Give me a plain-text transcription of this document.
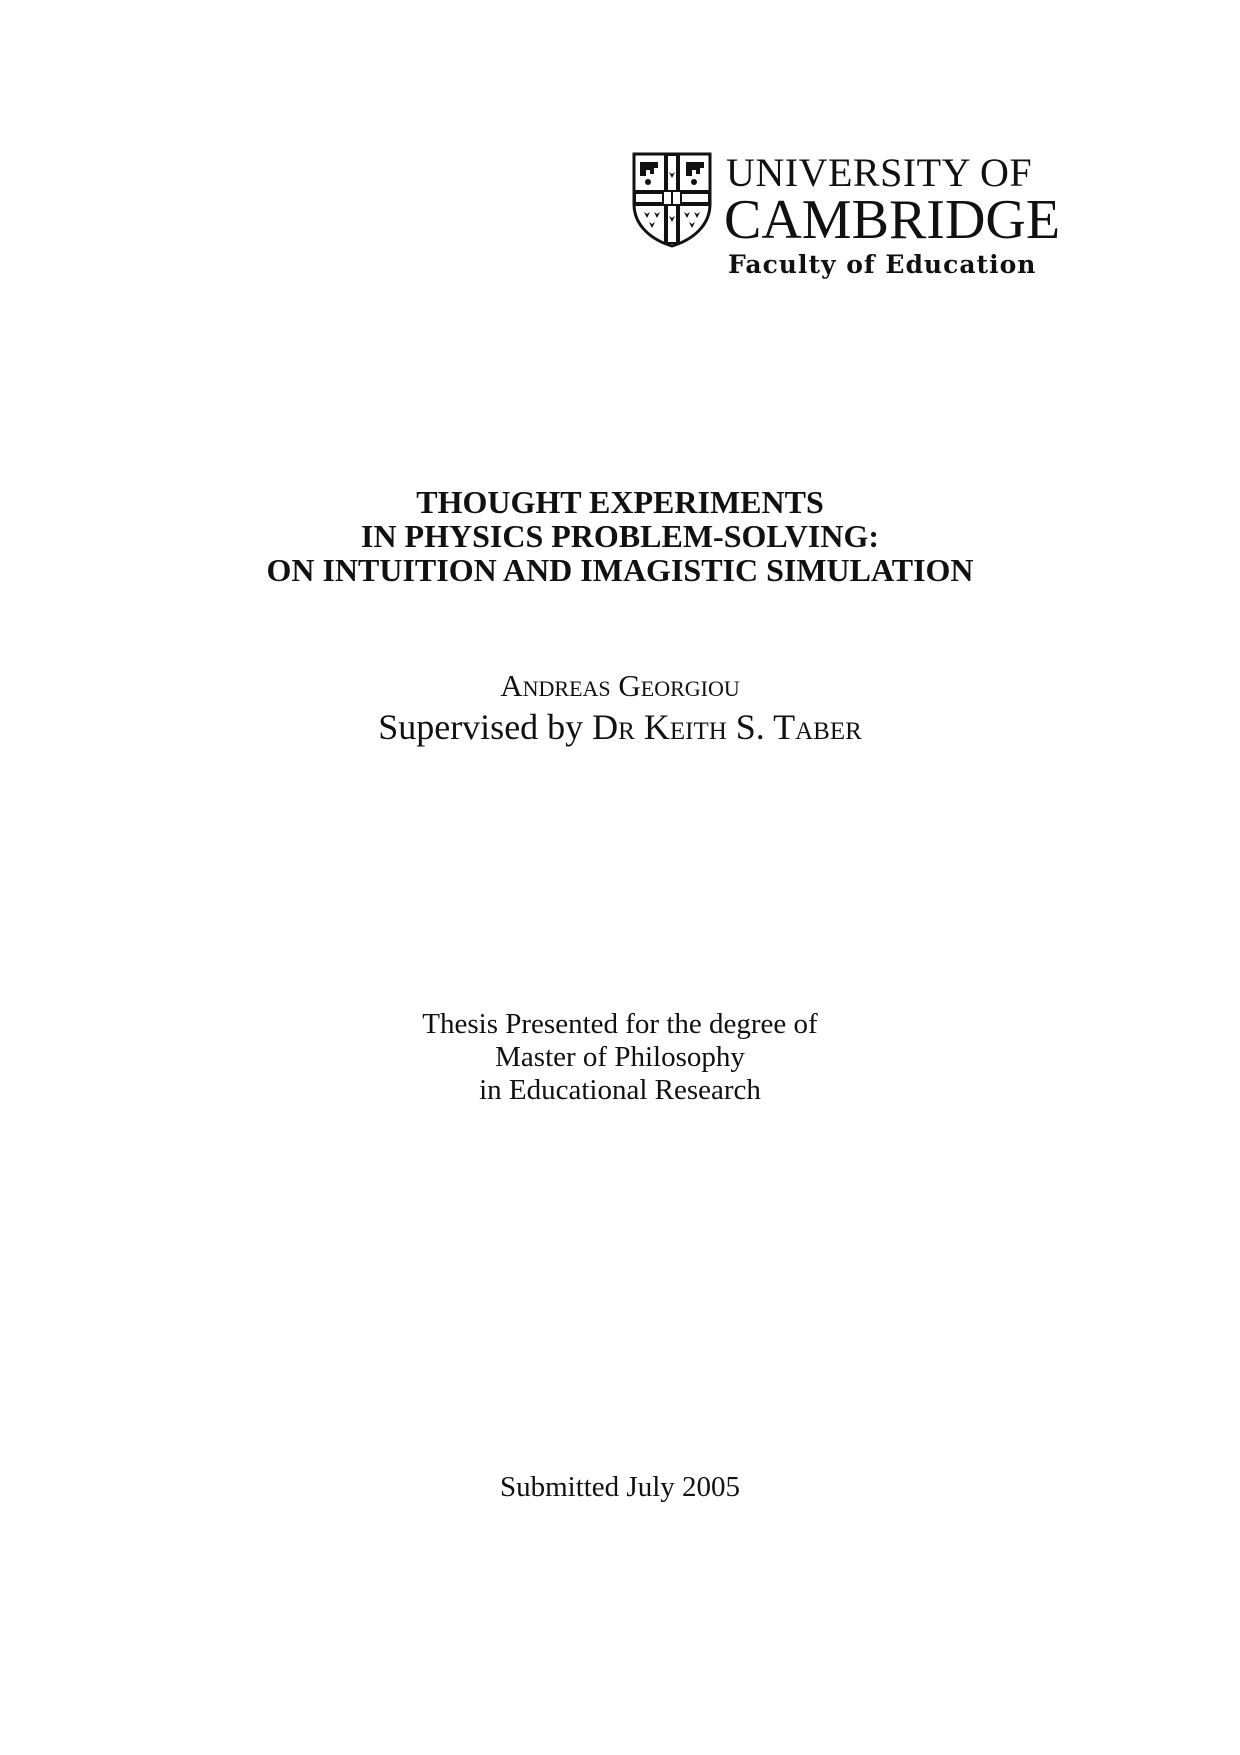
UNIVERSITY OF
CAMBRIDGE
Faculty of Education
THOUGHT EXPERIMENTS
IN PHYSICS PROBLEM-SOLVING:
ON INTUITION AND IMAGISTIC SIMULATION
Andreas Georgiou
Supervised by Dr Keith S. Taber
Thesis Presented for the degree of
Master of Philosophy
in Educational Research
Submitted July 2005
